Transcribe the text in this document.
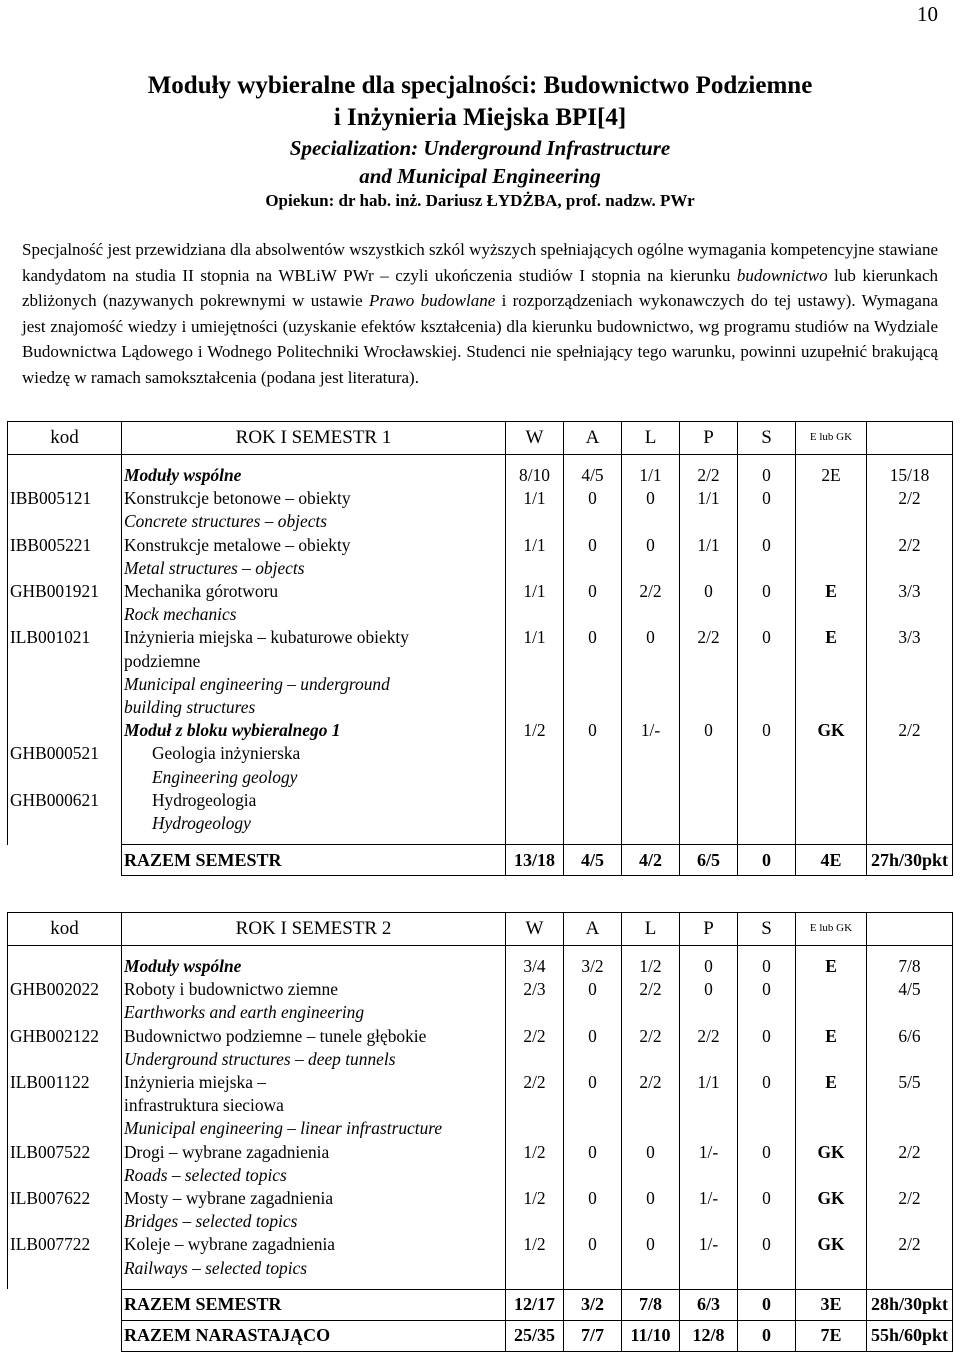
10
Moduły wybieralne dla specjalności: Budownictwo Podziemne
i Inżynieria Miejska BPI[4]
Specialization: Underground Infrastructure
and Municipal Engineering
Opiekun: dr hab. inż. Dariusz ŁYDŻBA, prof. nadzw. PWr

Specjalność jest przewidziana dla absolwentów wszystkich szkól wyższych spełniających ogólne wymagania kompetencyjne stawiane kandydatom na studia II stopnia na WBLiW PWr – czyli ukończenia studiów I stopnia na kierunku budownictwo lub kierunkach zbliżonych (nazywanych pokrewnymi w ustawie Prawo budowlane i rozporządzeniach wykonawczych do tej ustawy). Wymagana jest znajomość wiedzy i umiejętności (uzyskanie efektów kształcenia) dla kierunku budownictwo, wg programu studiów na Wydziale Budownictwa Lądowego i Wodnego Politechniki Wrocławskiej. Studenci nie spełniający tego warunku, powinni uzupełnić brakującą wiedzę w ramach samokształcenia (podana jest literatura).

kod	ROK I SEMESTR 1	W	A	L	P	S	E lub GK	

	Moduły wspólne	8/10	4/5	1/1	2/2	0	2E	15/18
IBB005121	Konstrukcje betonowe – obiekty	1/1	0	0	1/1	0		2/2
	Concrete structures – objects							
IBB005221	Konstrukcje metalowe – obiekty	1/1	0	0	1/1	0		2/2
	Metal structures – objects							
GHB001921	Mechanika górotworu	1/1	0	2/2	0	0	E	3/3
	Rock mechanics							
ILB001021	Inżynieria miejska – kubaturowe obiekty	1/1	0	0	2/2	0	E	3/3
	podziemne							
	Municipal engineering – underground							
	building structures							
	Moduł z bloku wybieralnego 1	1/2	0	1/-	0	0	GK	2/2
GHB000521	Geologia inżynierska							
	Engineering geology							
GHB000621	Hydrogeologia							
	Hydrogeology							

	RAZEM SEMESTR	13/18	4/5	4/2	6/5	0	4E	27h/30pkt
kod	ROK I SEMESTR 2	W	A	L	P	S	E lub GK	

	Moduły wspólne	3/4	3/2	1/2	0	0	E	7/8
GHB002022	Roboty i budownictwo ziemne	2/3	0	2/2	0	0		4/5
	Earthworks and earth engineering							
GHB002122	Budownictwo podziemne – tunele głębokie	2/2	0	2/2	2/2	0	E	6/6
	Underground structures – deep tunnels							
ILB001122	Inżynieria miejska –	2/2	0	2/2	1/1	0	E	5/5
	infrastruktura sieciowa							
	Municipal engineering – linear infrastructure							
ILB007522	Drogi – wybrane zagadnienia	1/2	0	0	1/-	0	GK	2/2
	Roads – selected topics							
ILB007622	Mosty – wybrane zagadnienia	1/2	0	0	1/-	0	GK	2/2
	Bridges – selected topics							
ILB007722	Koleje – wybrane zagadnienia	1/2	0	0	1/-	0	GK	2/2
	Railways – selected topics							

	RAZEM SEMESTR	12/17	3/2	7/8	6/3	0	3E	28h/30pkt
	RAZEM NARASTAJĄCO	25/35	7/7	11/10	12/8	0	7E	55h/60pkt
